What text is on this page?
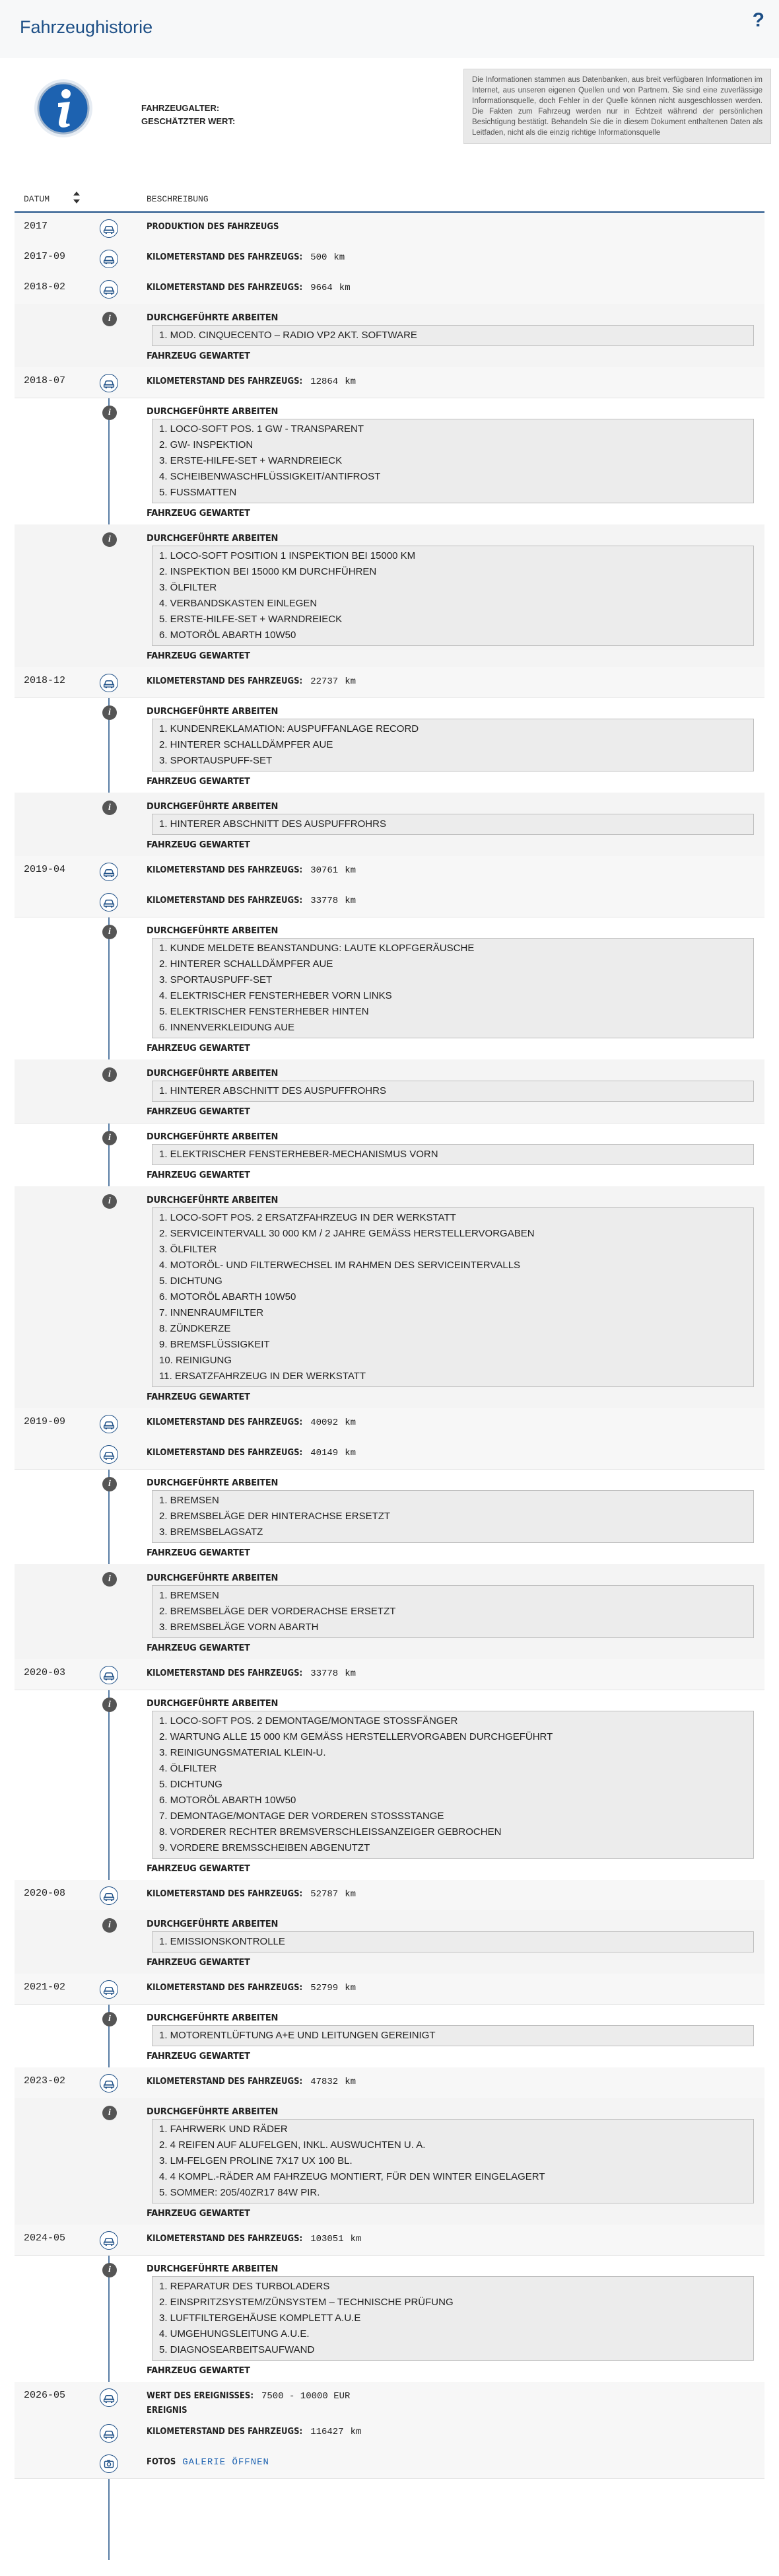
Fahrzeughistorie	?
FAHRZEUGALTER:
GESCHÄTZTER WERT:
Die Informationen stammen aus Datenbanken, aus breit verfügbaren Informationen im Internet, aus unseren eigenen Quellen und von Partnern. Sie sind eine zuverlässige Informationsquelle, doch Fehler in der Quelle können nicht ausgeschlossen werden. Die Fakten zum Fahrzeug werden nur in Echtzeit während der persönlichen Besichtigung bestätigt. Behandeln Sie die in diesem Dokument enthaltenen Daten als Leitfaden, nicht als die einzig richtige Informationsquelle
DATUM	BESCHREIBUNG
2017	PRODUKTION DES FAHRZEUGS
2017-09	KILOMETERSTAND DES FAHRZEUGS: 500 km
2018-02	KILOMETERSTAND DES FAHRZEUGS: 9664 km
i	DURCHGEFÜHRTE ARBEITEN
1. MOD. CINQUECENTO – RADIO VP2 AKT. SOFTWARE
FAHRZEUG GEWARTET
2018-07	KILOMETERSTAND DES FAHRZEUGS: 12864 km
i	DURCHGEFÜHRTE ARBEITEN
1. LOCO-SOFT POS. 1 GW - TRANSPARENT
2. GW- INSPEKTION
3. ERSTE-HILFE-SET + WARNDREIECK
4. SCHEIBENWASCHFLÜSSIGKEIT/ANTIFROST
5. FUSSMATTEN
FAHRZEUG GEWARTET
i	DURCHGEFÜHRTE ARBEITEN
1. LOCO-SOFT POSITION 1 INSPEKTION BEI 15000 KM
2. INSPEKTION BEI 15000 KM DURCHFÜHREN
3. ÖLFILTER
4. VERBANDSKASTEN EINLEGEN
5. ERSTE-HILFE-SET + WARNDREIECK
6. MOTORÖL ABARTH 10W50
FAHRZEUG GEWARTET
2018-12	KILOMETERSTAND DES FAHRZEUGS: 22737 km
i	DURCHGEFÜHRTE ARBEITEN
1. KUNDENREKLAMATION: AUSPUFFANLAGE RECORD
2. HINTERER SCHALLDÄMPFER AUE
3. SPORTAUSPUFF-SET
FAHRZEUG GEWARTET
i	DURCHGEFÜHRTE ARBEITEN
1. HINTERER ABSCHNITT DES AUSPUFFROHRS
FAHRZEUG GEWARTET
2019-04	KILOMETERSTAND DES FAHRZEUGS: 30761 km
KILOMETERSTAND DES FAHRZEUGS: 33778 km
i	DURCHGEFÜHRTE ARBEITEN
1. KUNDE MELDETE BEANSTANDUNG: LAUTE KLOPFGERÄUSCHE
2. HINTERER SCHALLDÄMPFER AUE
3. SPORTAUSPUFF-SET
4. ELEKTRISCHER FENSTERHEBER VORN LINKS
5. ELEKTRISCHER FENSTERHEBER HINTEN
6. INNENVERKLEIDUNG AUE
FAHRZEUG GEWARTET
i	DURCHGEFÜHRTE ARBEITEN
1. HINTERER ABSCHNITT DES AUSPUFFROHRS
FAHRZEUG GEWARTET
i	DURCHGEFÜHRTE ARBEITEN
1. ELEKTRISCHER FENSTERHEBER-MECHANISMUS VORN
FAHRZEUG GEWARTET
i	DURCHGEFÜHRTE ARBEITEN
1. LOCO-SOFT POS. 2 ERSATZFAHRZEUG IN DER WERKSTATT
2. SERVICEINTERVALL 30 000 KM / 2 JAHRE GEMÄSS HERSTELLERVORGABEN
3. ÖLFILTER
4. MOTORÖL- UND FILTERWECHSEL IM RAHMEN DES SERVICEINTERVALLS
5. DICHTUNG
6. MOTORÖL ABARTH 10W50
7. INNENRAUMFILTER
8. ZÜNDKERZE
9. BREMSFLÜSSIGKEIT
10. REINIGUNG
11. ERSATZFAHRZEUG IN DER WERKSTATT
FAHRZEUG GEWARTET
2019-09	KILOMETERSTAND DES FAHRZEUGS: 40092 km
KILOMETERSTAND DES FAHRZEUGS: 40149 km
i	DURCHGEFÜHRTE ARBEITEN
1. BREMSEN
2. BREMSBELÄGE DER HINTERACHSE ERSETZT
3. BREMSBELAGSATZ
FAHRZEUG GEWARTET
i	DURCHGEFÜHRTE ARBEITEN
1. BREMSEN
2. BREMSBELÄGE DER VORDERACHSE ERSETZT
3. BREMSBELÄGE VORN ABARTH
FAHRZEUG GEWARTET
2020-03	KILOMETERSTAND DES FAHRZEUGS: 33778 km
i	DURCHGEFÜHRTE ARBEITEN
1. LOCO-SOFT POS. 2 DEMONTAGE/MONTAGE STOSSFÄNGER
2. WARTUNG ALLE 15 000 KM GEMÄSS HERSTELLERVORGABEN DURCHGEFÜHRT
3. REINIGUNGSMATERIAL KLEIN-U.
4. ÖLFILTER
5. DICHTUNG
6. MOTORÖL ABARTH 10W50
7. DEMONTAGE/MONTAGE DER VORDEREN STOSSSTANGE
8. VORDERER RECHTER BREMSVERSCHLEISSANZEIGER GEBROCHEN
9. VORDERE BREMSSCHEIBEN ABGENUTZT
FAHRZEUG GEWARTET
2020-08	KILOMETERSTAND DES FAHRZEUGS: 52787 km
i	DURCHGEFÜHRTE ARBEITEN
1. EMISSIONSKONTROLLE
FAHRZEUG GEWARTET
2021-02	KILOMETERSTAND DES FAHRZEUGS: 52799 km
i	DURCHGEFÜHRTE ARBEITEN
1. MOTORENTLÜFTUNG A+E UND LEITUNGEN GEREINIGT
FAHRZEUG GEWARTET
2023-02	KILOMETERSTAND DES FAHRZEUGS: 47832 km
i	DURCHGEFÜHRTE ARBEITEN
1. FAHRWERK UND RÄDER
2. 4 REIFEN AUF ALUFELGEN, INKL. AUSWUCHTEN U. A.
3. LM-FELGEN PROLINE 7X17 UX 100 BL.
4. 4 KOMPL.-RÄDER AM FAHRZEUG MONTIERT, FÜR DEN WINTER EINGELAGERT
5. SOMMER: 205/40ZR17 84W PIR.
FAHRZEUG GEWARTET
2024-05	KILOMETERSTAND DES FAHRZEUGS: 103051 km
i	DURCHGEFÜHRTE ARBEITEN
1. REPARATUR DES TURBOLADERS
2. EINSPRITZSYSTEM/ZÜNSYSTEM – TECHNISCHE PRÜFUNG
3. LUFTFILTERGEHÄUSE KOMPLETT A.U.E
4. UMGEHUNGSLEITUNG A.U.E.
5. DIAGNOSEARBEITSAUFWAND
FAHRZEUG GEWARTET
2026-05	WERT DES EREIGNISSES: 7500 - 10000 EUR
EREIGNIS
KILOMETERSTAND DES FAHRZEUGS: 116427 km
FOTOS GALERIE ÖFFNEN
